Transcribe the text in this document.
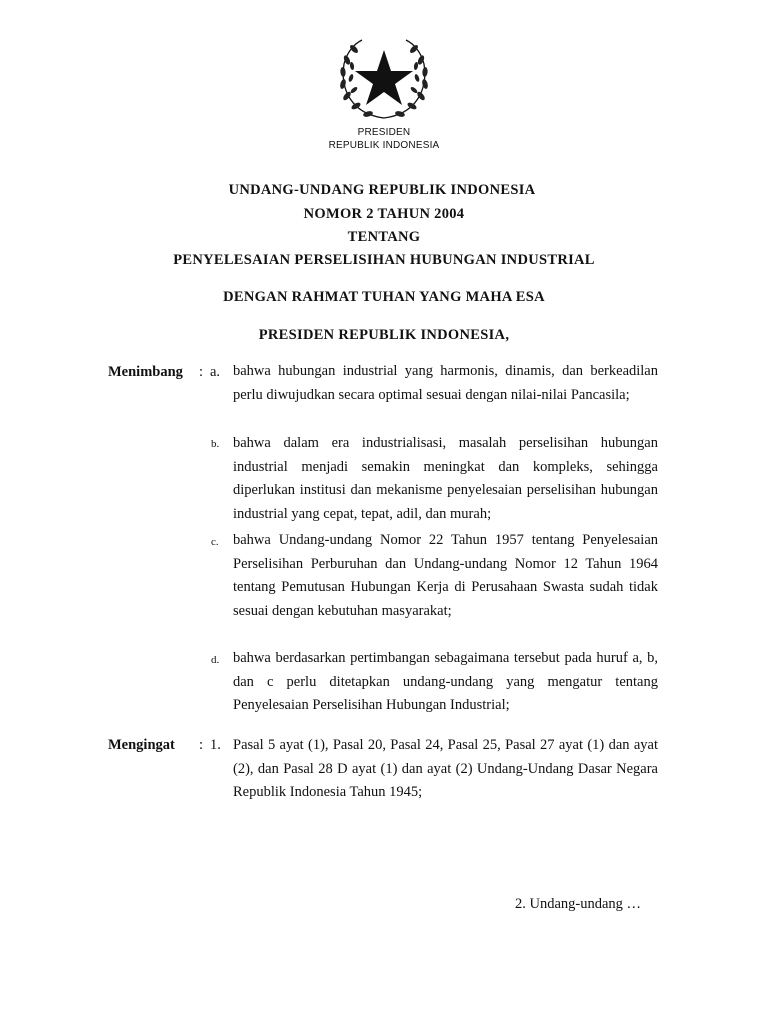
PRESIDEN
REPUBLIK INDONESIA
UNDANG-UNDANG REPUBLIK INDONESIA
NOMOR 2 TAHUN 2004
TENTANG
PENYELESAIAN PERSELISIHAN HUBUNGAN INDUSTRIAL
DENGAN RAHMAT TUHAN YANG MAHA ESA
PRESIDEN REPUBLIK INDONESIA,
Menimbang : a. bahwa hubungan industrial yang harmonis, dinamis, dan berkeadilan perlu diwujudkan secara optimal sesuai dengan nilai-nilai Pancasila;

b. bahwa dalam era industrialisasi, masalah perselisihan hubungan industrial menjadi semakin meningkat dan kompleks, sehingga diperlukan institusi dan mekanisme penyelesaian perselisihan hubungan industrial yang cepat, tepat, adil, dan murah;

c. bahwa Undang-undang Nomor 22 Tahun 1957 tentang Penyelesaian Perselisihan Perburuhan dan Undang-undang Nomor 12 Tahun 1964 tentang Pemutusan Hubungan Kerja di Perusahaan Swasta sudah tidak sesuai dengan kebutuhan masyarakat;

d. bahwa berdasarkan pertimbangan sebagaimana tersebut pada huruf a, b, dan c perlu ditetapkan undang-undang yang mengatur tentang Penyelesaian Perselisihan Hubungan Industrial;

Mengingat : 1. Pasal 5 ayat (1), Pasal 20, Pasal 24, Pasal 25, Pasal 27 ayat (1) dan ayat (2), dan Pasal 28 D ayat (1) dan ayat (2) Undang-Undang Dasar Negara Republik Indonesia Tahun 1945;

2. Undang-undang …
